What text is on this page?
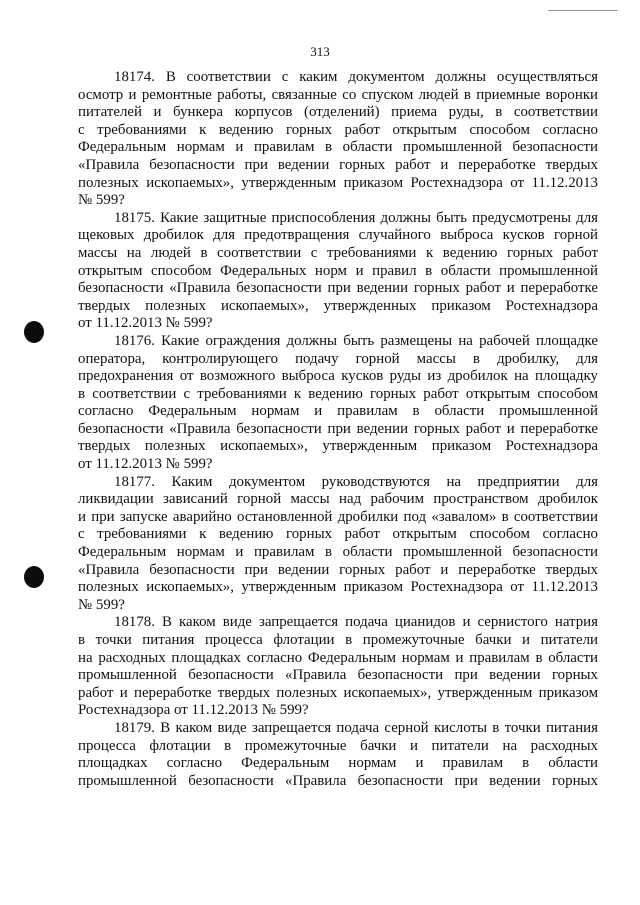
313
18174. В соответствии с каким документом должны осуществляться
осмотр и ремонтные работы, связанные со спуском людей в приемные воронки
питателей и бункера корпусов (отделений) приема руды, в соответствии
с требованиями к ведению горных работ открытым способом согласно
Федеральным нормам и правилам в области промышленной безопасности
«Правила безопасности при ведении горных работ и переработке твердых
полезных ископаемых», утвержденным приказом Ростехнадзора от 11.12.2013
№ 599?
18175. Какие защитные приспособления должны быть предусмотрены для
щековых дробилок для предотвращения случайного выброса кусков горной
массы на людей в соответствии с требованиями к ведению горных работ
открытым способом Федеральных норм и правил в области промышленной
безопасности «Правила безопасности при ведении горных работ и переработке
твердых полезных ископаемых», утвержденных приказом Ростехнадзора
от 11.12.2013 № 599?
18176. Какие ограждения должны быть размещены на рабочей площадке
оператора, контролирующего подачу горной массы в дробилку, для
предохранения от возможного выброса кусков руды из дробилок на площадку
в соответствии с требованиями к ведению горных работ открытым способом
согласно Федеральным нормам и правилам в области промышленной
безопасности «Правила безопасности при ведении горных работ и переработке
твердых полезных ископаемых», утвержденным приказом Ростехнадзора
от 11.12.2013 № 599?
18177. Каким документом руководствуются на предприятии для
ликвидации зависаний горной массы над рабочим пространством дробилок
и при запуске аварийно остановленной дробилки под «завалом» в соответствии
с требованиями к ведению горных работ открытым способом согласно
Федеральным нормам и правилам в области промышленной безопасности
«Правила безопасности при ведении горных работ и переработке твердых
полезных ископаемых», утвержденным приказом Ростехнадзора от 11.12.2013
№ 599?
18178. В каком виде запрещается подача цианидов и сернистого натрия
в точки питания процесса флотации в промежуточные бачки и питатели
на расходных площадках согласно Федеральным нормам и правилам в области
промышленной безопасности «Правила безопасности при ведении горных
работ и переработке твердых полезных ископаемых», утвержденным приказом
Ростехнадзора от 11.12.2013 № 599?
18179. В каком виде запрещается подача серной кислоты в точки питания
процесса флотации в промежуточные бачки и питатели на расходных
площадках согласно Федеральным нормам и правилам в области
промышленной безопасности «Правила безопасности при ведении горных
